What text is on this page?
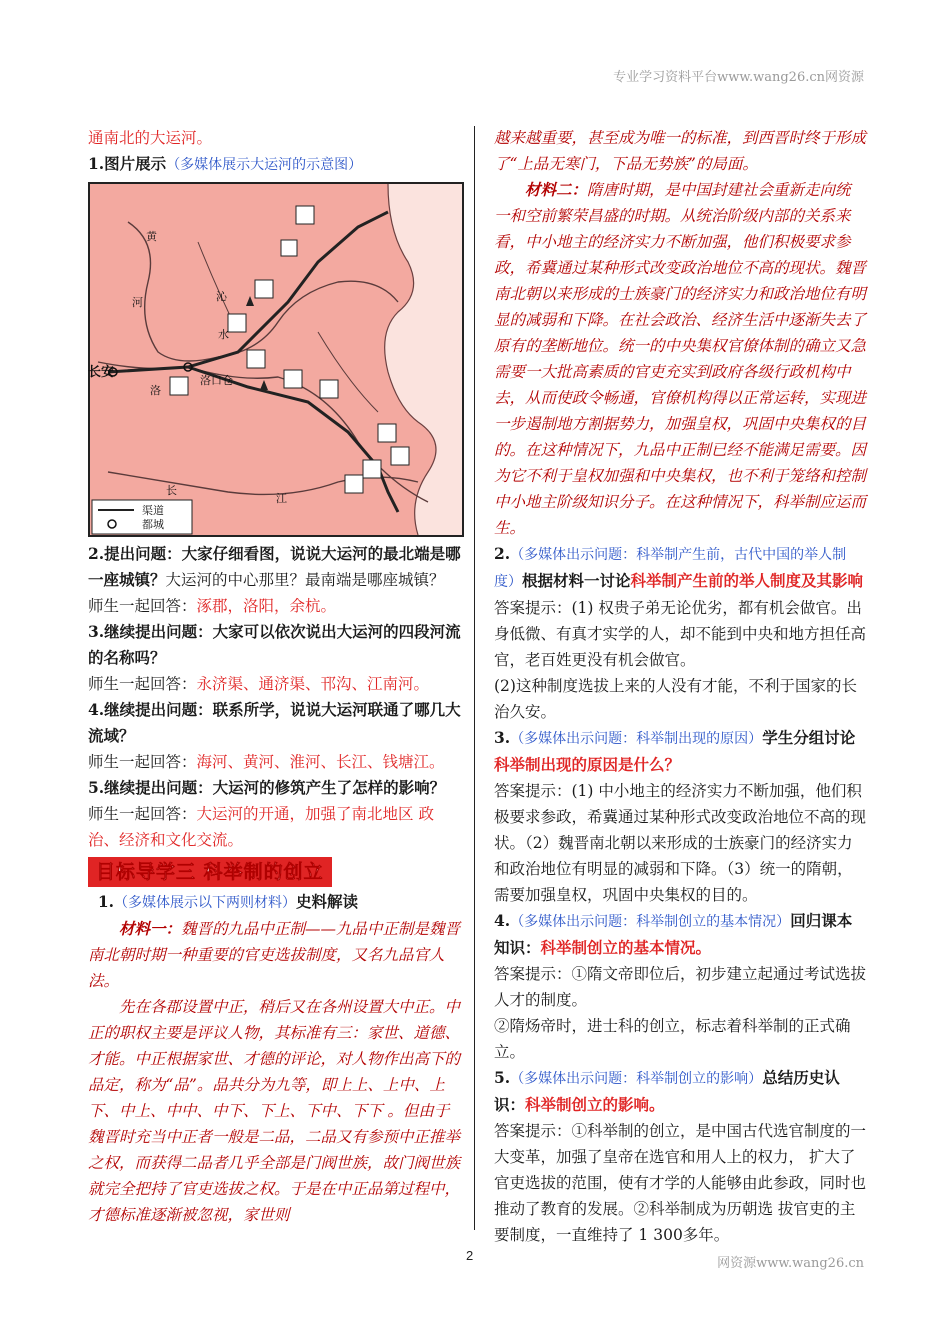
专业学习资料平台www.wang26.cn网资源

通南北的大运河。

1.图片展示（多媒体展示大运河的示意图）

长安
洛口仓
黄
河	沁
水
洛
长
江
渠道
都城

2.提出问题：大家仔细看图，说说大运河的最北端是哪一座城镇？大运河的中心那里？最南端是哪座城镇？

师生一起回答：涿郡，洛阳，余杭。

3.继续提出问题：大家可以依次说出大运河的四段河流的名称吗？

师生一起回答：永济渠、通济渠、邗沟、江南河。

4.继续提出问题：联系所学，说说大运河联通了哪几大流域？

师生一起回答：海河、黄河、淮河、长江、钱塘江。

5.继续提出问题：大运河的修筑产生了怎样的影响？

师生一起回答：大运河的开通，加强了南北地区 政治、经济和文化交流。

目标导学三 科举制的创立

1.（多媒体展示以下两则材料）史料解读

材料一：魏晋的九品中正制——九品中正制是魏晋南北朝时期一种重要的官吏选拔制度，又名九品官人法。

先在各郡设置中正，稍后又在各州设置大中正。中正的职权主要是评议人物，其标准有三：家世、道德、才能。中正根据家世、才德的评论，对人物作出高下的品定，称为“品”。品共分为九等，即上上、上中、上下、中上、中中、中下、下上、下中、下下 。但由于魏晋时充当中正者一般是二品，二品又有参预中正推举之权，而获得二品者几乎全部是门阀世族，故门阀世族就完全把持了官吏选拔之权。于是在中正品第过程中，才德标准逐渐被忽视，家世则

越来越重要，甚至成为唯一的标准，到西晋时终于形成了“上品无寒门，下品无势族”的局面。

材料二：隋唐时期，是中国封建社会重新走向统一和空前繁荣昌盛的时期。从统治阶级内部的关系来看，中小地主的经济实力不断加强，他们积极要求参政，希冀通过某种形式改变政治地位不高的现状。魏晋南北朝以来形成的士族豪门的经济实力和政治地位有明显的减弱和下降。在社会政治、经济生活中逐渐失去了原有的垄断地位。统一的中央集权官僚体制的确立又急需要一大批高素质的官吏充实到政府各级行政机构中去，从而使政令畅通，官僚机构得以正常运转，实现进一步遏制地方割据势力，加强皇权，巩固中央集权的目的。在这种情况下，九品中正制已经不能满足需要。因为它不利于皇权加强和中央集权，也不利于笼络和控制中小地主阶级知识分子。在这种情况下，科举制应运而生。

2.（多媒体出示问题：科举制产生前，古代中国的举人制度）根据材料一讨论科举制产生前的举人制度及其影响

答案提示：(1) 权贵子弟无论优劣，都有机会做官。出身低微、有真才实学的人，却不能到中央和地方担任高官，老百姓更没有机会做官。

(2)这种制度选拔上来的人没有才能，不利于国家的长治久安。

3.（多媒体出示问题：科举制出现的原因）学生分组讨论科举制出现的原因是什么？

答案提示：(1) 中小地主的经济实力不断加强，他们积极要求参政，希冀通过某种形式改变政治地位不高的现状。（2）魏晋南北朝以来形成的士族豪门的经济实力和政治地位有明显的减弱和下降。（3）统一的隋朝，需要加强皇权，巩固中央集权的目的。

4.（多媒体出示问题：科举制创立的基本情况）回归课本知识：科举制创立的基本情况。

答案提示：①隋文帝即位后，初步建立起通过考试选拔人才的制度。

②隋炀帝时，进士科的创立，标志着科举制的正式确立。

5.（多媒体出示问题：科举制创立的影响）总结历史认识：科举制创立的影响。

答案提示：①科举制的创立，是中国古代选官制度的一大变革，加强了皇帝在选官和用人上的权力， 扩大了官吏选拔的范围，使有才学的人能够由此参政，同时也推动了教育的发展。②科举制成为历朝选 拔官吏的主要制度，一直维持了 1 300多年。

2
网资源www.wang26.cn
